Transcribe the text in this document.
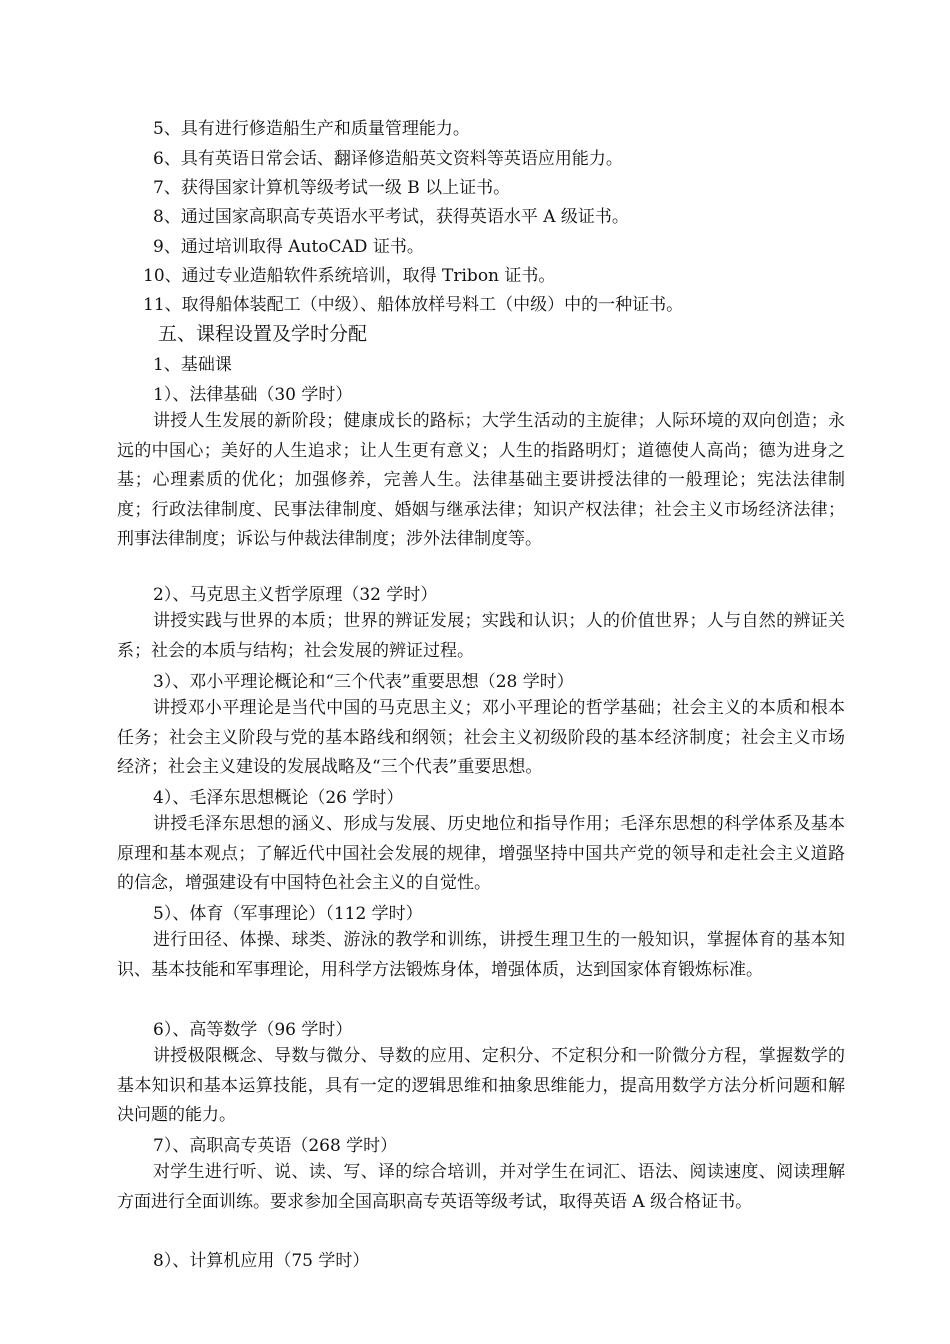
5、具有进行修造船生产和质量管理能力。
6、具有英语日常会话、翻译修造船英文资料等英语应用能力。
7、获得国家计算机等级考试一级 B 以上证书。
8、通过国家高职高专英语水平考试，获得英语水平 A 级证书。
9、通过培训取得 AutoCAD 证书。
10、通过专业造船软件系统培训，取得 Tribon 证书。
11、取得船体装配工（中级）、船体放样号料工（中级）中的一种证书。
五、课程设置及学时分配
1、基础课
1）、法律基础（30 学时）
讲授人生发展的新阶段；健康成长的路标；大学生活动的主旋律；人际环境的双向创造；永远的中国心；美好的人生追求；让人生更有意义；人生的指路明灯；道德使人高尚；德为进身之基；心理素质的优化；加强修养，完善人生。法律基础主要讲授法律的一般理论；宪法法律制度；行政法律制度、民事法律制度、婚姻与继承法律；知识产权法律；社会主义市场经济法律；刑事法律制度；诉讼与仲裁法律制度；涉外法律制度等。
2）、马克思主义哲学原理（32 学时）
讲授实践与世界的本质；世界的辨证发展；实践和认识；人的价值世界；人与自然的辨证关系；社会的本质与结构；社会发展的辨证过程。
3）、邓小平理论概论和“三个代表”重要思想（28 学时）
讲授邓小平理论是当代中国的马克思主义；邓小平理论的哲学基础；社会主义的本质和根本任务；社会主义阶段与党的基本路线和纲领；社会主义初级阶段的基本经济制度；社会主义市场经济；社会主义建设的发展战略及“三个代表”重要思想。
4）、毛泽东思想概论（26 学时）
讲授毛泽东思想的涵义、形成与发展、历史地位和指导作用；毛泽东思想的科学体系及基本原理和基本观点；了解近代中国社会发展的规律，增强坚持中国共产党的领导和走社会主义道路的信念，增强建设有中国特色社会主义的自觉性。
5）、体育（军事理论）（112 学时）
进行田径、体操、球类、游泳的教学和训练，讲授生理卫生的一般知识，掌握体育的基本知识、基本技能和军事理论，用科学方法锻炼身体，增强体质，达到国家体育锻炼标准。
6）、高等数学（96 学时）
讲授极限概念、导数与微分、导数的应用、定积分、不定积分和一阶微分方程，掌握数学的基本知识和基本运算技能，具有一定的逻辑思维和抽象思维能力，提高用数学方法分析问题和解决问题的能力。
7）、高职高专英语（268 学时）
对学生进行听、说、读、写、译的综合培训，并对学生在词汇、语法、阅读速度、阅读理解方面进行全面训练。要求参加全国高职高专英语等级考试，取得英语 A 级合格证书。
8）、计算机应用（75 学时）
